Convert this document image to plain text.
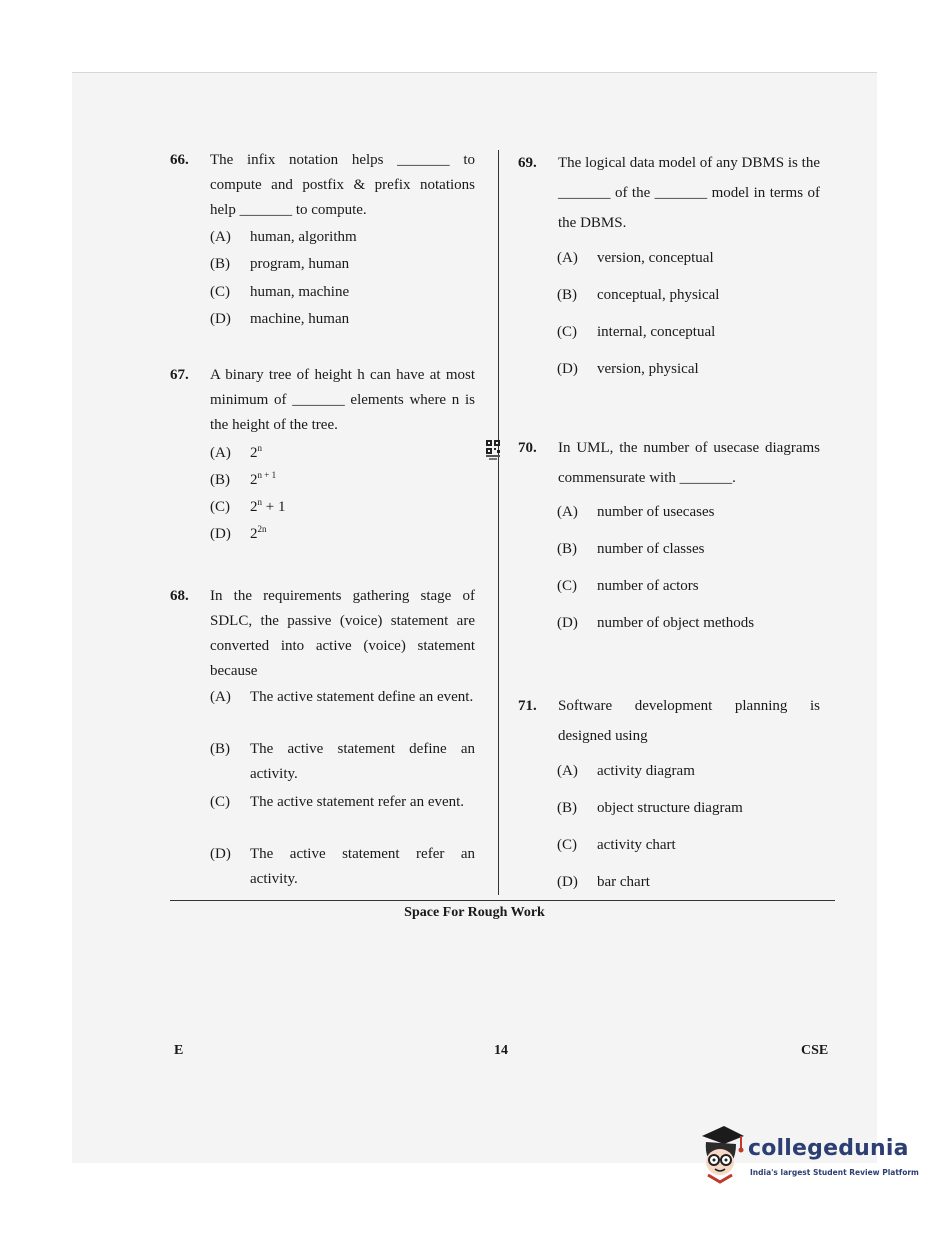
66. The infix notation helps _______ to compute and postfix & prefix notations help _______ to compute.
(A) human, algorithm
(B) program, human
(C) human, machine
(D) machine, human
67. A binary tree of height h can have at most minimum of _______ elements where n is the height of the tree.
(A) 2$^n$
(B) $2^{n + 1}$
(C) $2^n + 1$
(D) $2^{2n}$
68. In the requirements gathering stage of SDLC, the passive (voice) statement are converted into active (voice) statement because
(A) The active statement define an event.
(B) The active statement define an activity.
(C) The active statement refer an event.
(D) The active statement refer an activity.
69. The logical data model of any DBMS is the _______ of the _______ model in terms of the DBMS.
(A) version, conceptual
(B) conceptual, physical
(C) internal, conceptual
(D) version, physical
70. In UML, the number of usecase diagrams commensurate with _______.
(A) number of usecases
(B) number of classes
(C) number of actors
(D) number of object methods
71. Software development planning is designed using
(A) activity diagram
(B) object structure diagram
(C) activity chart
(D) bar chart
Space For Rough Work
E	14	CSE
collegedunia
India's largest Student Review Platform
